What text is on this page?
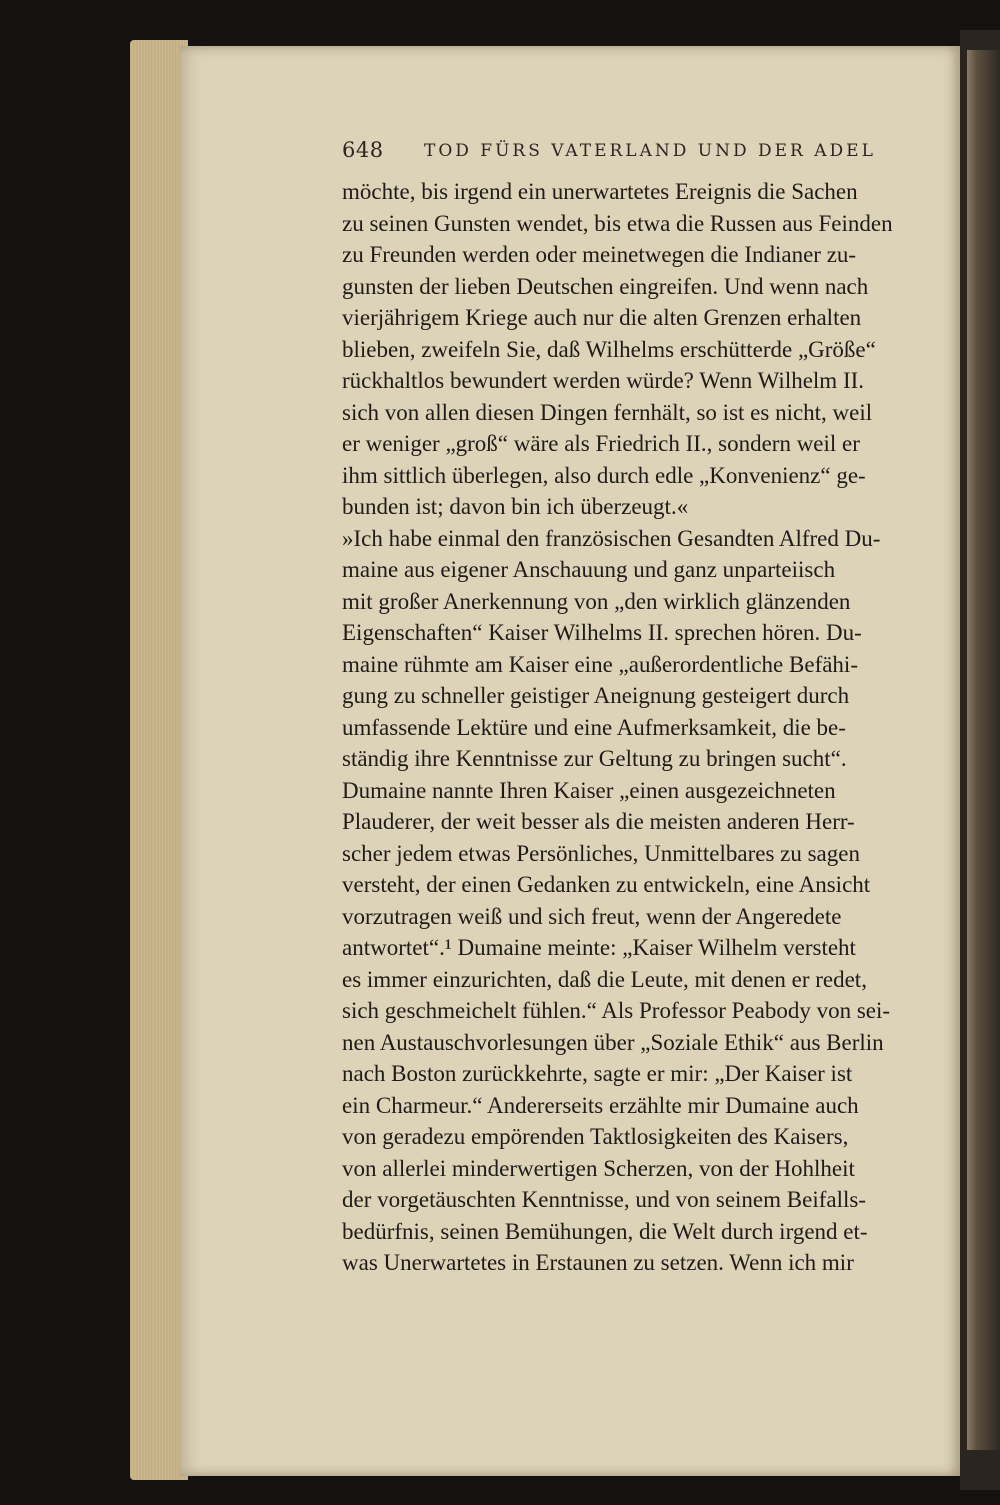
648 TOD FÜRS VATERLAND UND DER ADEL
möchte, bis irgend ein unerwartetes Ereignis die Sachen
zu seinen Gunsten wendet, bis etwa die Russen aus Feinden
zu Freunden werden oder meinetwegen die Indianer zu-
gunsten der lieben Deutschen eingreifen. Und wenn nach
vierjährigem Kriege auch nur die alten Grenzen erhalten
blieben, zweifeln Sie, daß Wilhelms erschütterde „Größe“
rückhaltlos bewundert werden würde? Wenn Wilhelm II.
sich von allen diesen Dingen fernhält, so ist es nicht, weil
er weniger „groß“ wäre als Friedrich II., sondern weil er
ihm sittlich überlegen, also durch edle „Konvenienz“ ge-
bunden ist; davon bin ich überzeugt.«
»Ich habe einmal den französischen Gesandten Alfred Du-
maine aus eigener Anschauung und ganz unparteiisch
mit großer Anerkennung von „den wirklich glänzenden
Eigenschaften“ Kaiser Wilhelms II. sprechen hören. Du-
maine rühmte am Kaiser eine „außerordentliche Befähi-
gung zu schneller geistiger Aneignung gesteigert durch
umfassende Lektüre und eine Aufmerksamkeit, die be-
ständig ihre Kenntnisse zur Geltung zu bringen sucht“.
Dumaine nannte Ihren Kaiser „einen ausgezeichneten
Plauderer, der weit besser als die meisten anderen Herr-
scher jedem etwas Persönliches, Unmittelbares zu sagen
versteht, der einen Gedanken zu entwickeln, eine Ansicht
vorzutragen weiß und sich freut, wenn der Angeredete
antwortet“.¹ Dumaine meinte: „Kaiser Wilhelm versteht
es immer einzurichten, daß die Leute, mit denen er redet,
sich geschmeichelt fühlen.“ Als Professor Peabody von sei-
nen Austauschvorlesungen über „Soziale Ethik“ aus Berlin
nach Boston zurückkehrte, sagte er mir: „Der Kaiser ist
ein Charmeur.“ Andererseits erzählte mir Dumaine auch
von geradezu empörenden Taktlosigkeiten des Kaisers,
von allerlei minderwertigen Scherzen, von der Hohlheit
der vorgetäuschten Kenntnisse, und von seinem Beifalls-
bedürfnis, seinen Bemühungen, die Welt durch irgend et-
was Unerwartetes in Erstaunen zu setzen. Wenn ich mir
